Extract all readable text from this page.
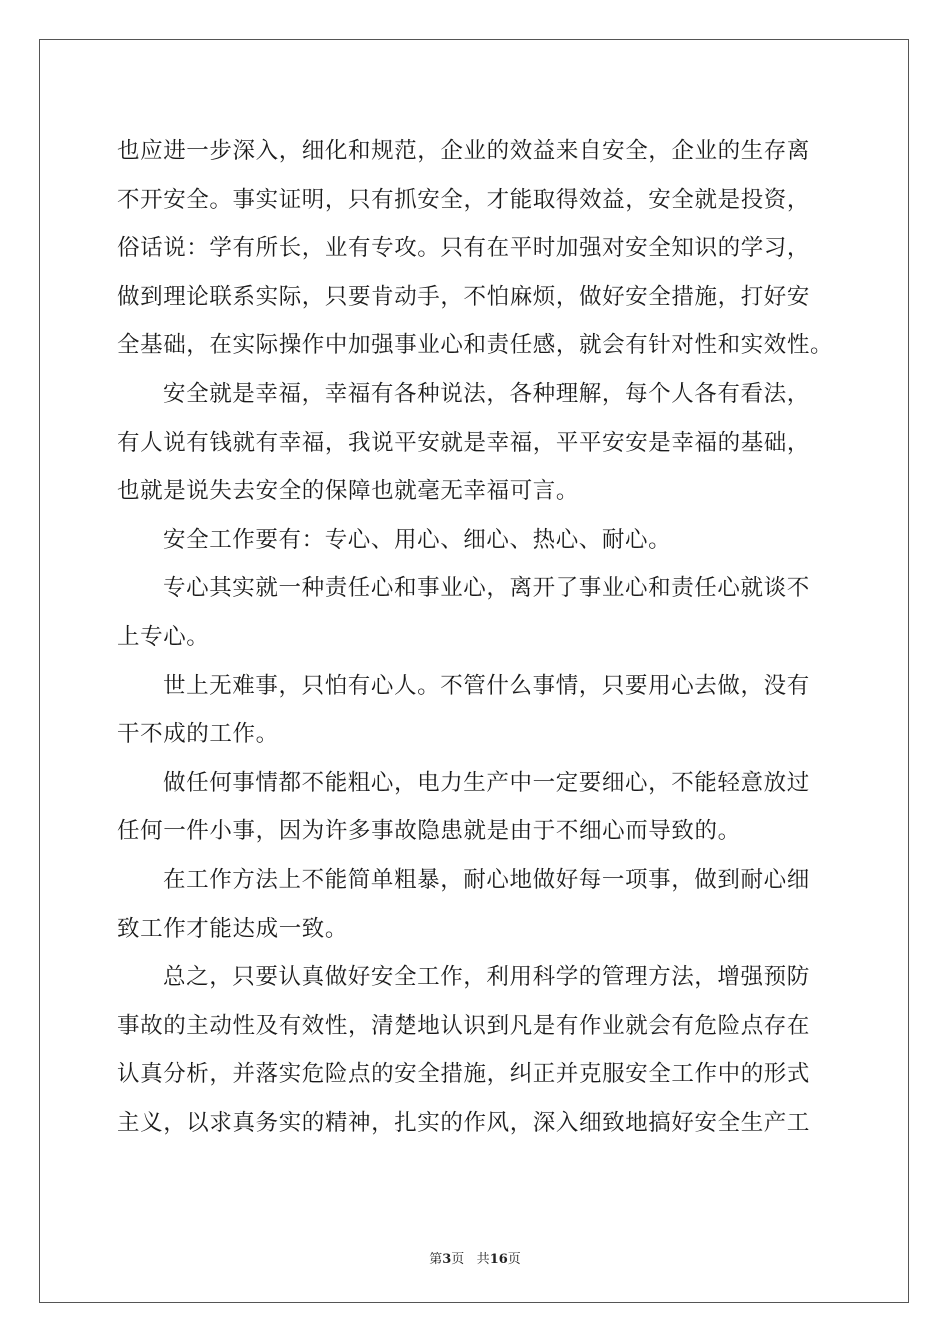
也应进一步深入，细化和规范，企业的效益来自安全，企业的生存离
不开安全。事实证明，只有抓安全，才能取得效益，安全就是投资，
俗话说：学有所长，业有专攻。只有在平时加强对安全知识的学习，
做到理论联系实际，只要肯动手，不怕麻烦，做好安全措施，打好安
全基础，在实际操作中加强事业心和责任感，就会有针对性和实效性。
安全就是幸福，幸福有各种说法，各种理解，每个人各有看法，
有人说有钱就有幸福，我说平安就是幸福，平平安安是幸福的基础，
也就是说失去安全的保障也就毫无幸福可言。
安全工作要有：专心、用心、细心、热心、耐心。
专心其实就一种责任心和事业心，离开了事业心和责任心就谈不
上专心。
世上无难事，只怕有心人。不管什么事情，只要用心去做，没有
干不成的工作。
做任何事情都不能粗心，电力生产中一定要细心，不能轻意放过
任何一件小事，因为许多事故隐患就是由于不细心而导致的。
在工作方法上不能简单粗暴，耐心地做好每一项事，做到耐心细
致工作才能达成一致。
总之，只要认真做好安全工作，利用科学的管理方法，增强预防
事故的主动性及有效性，清楚地认识到凡是有作业就会有危险点存在
认真分析，并落实危险点的安全措施，纠正并克服安全工作中的形式
主义，以求真务实的精神，扎实的作风，深入细致地搞好安全生产工
第3页 共16页
